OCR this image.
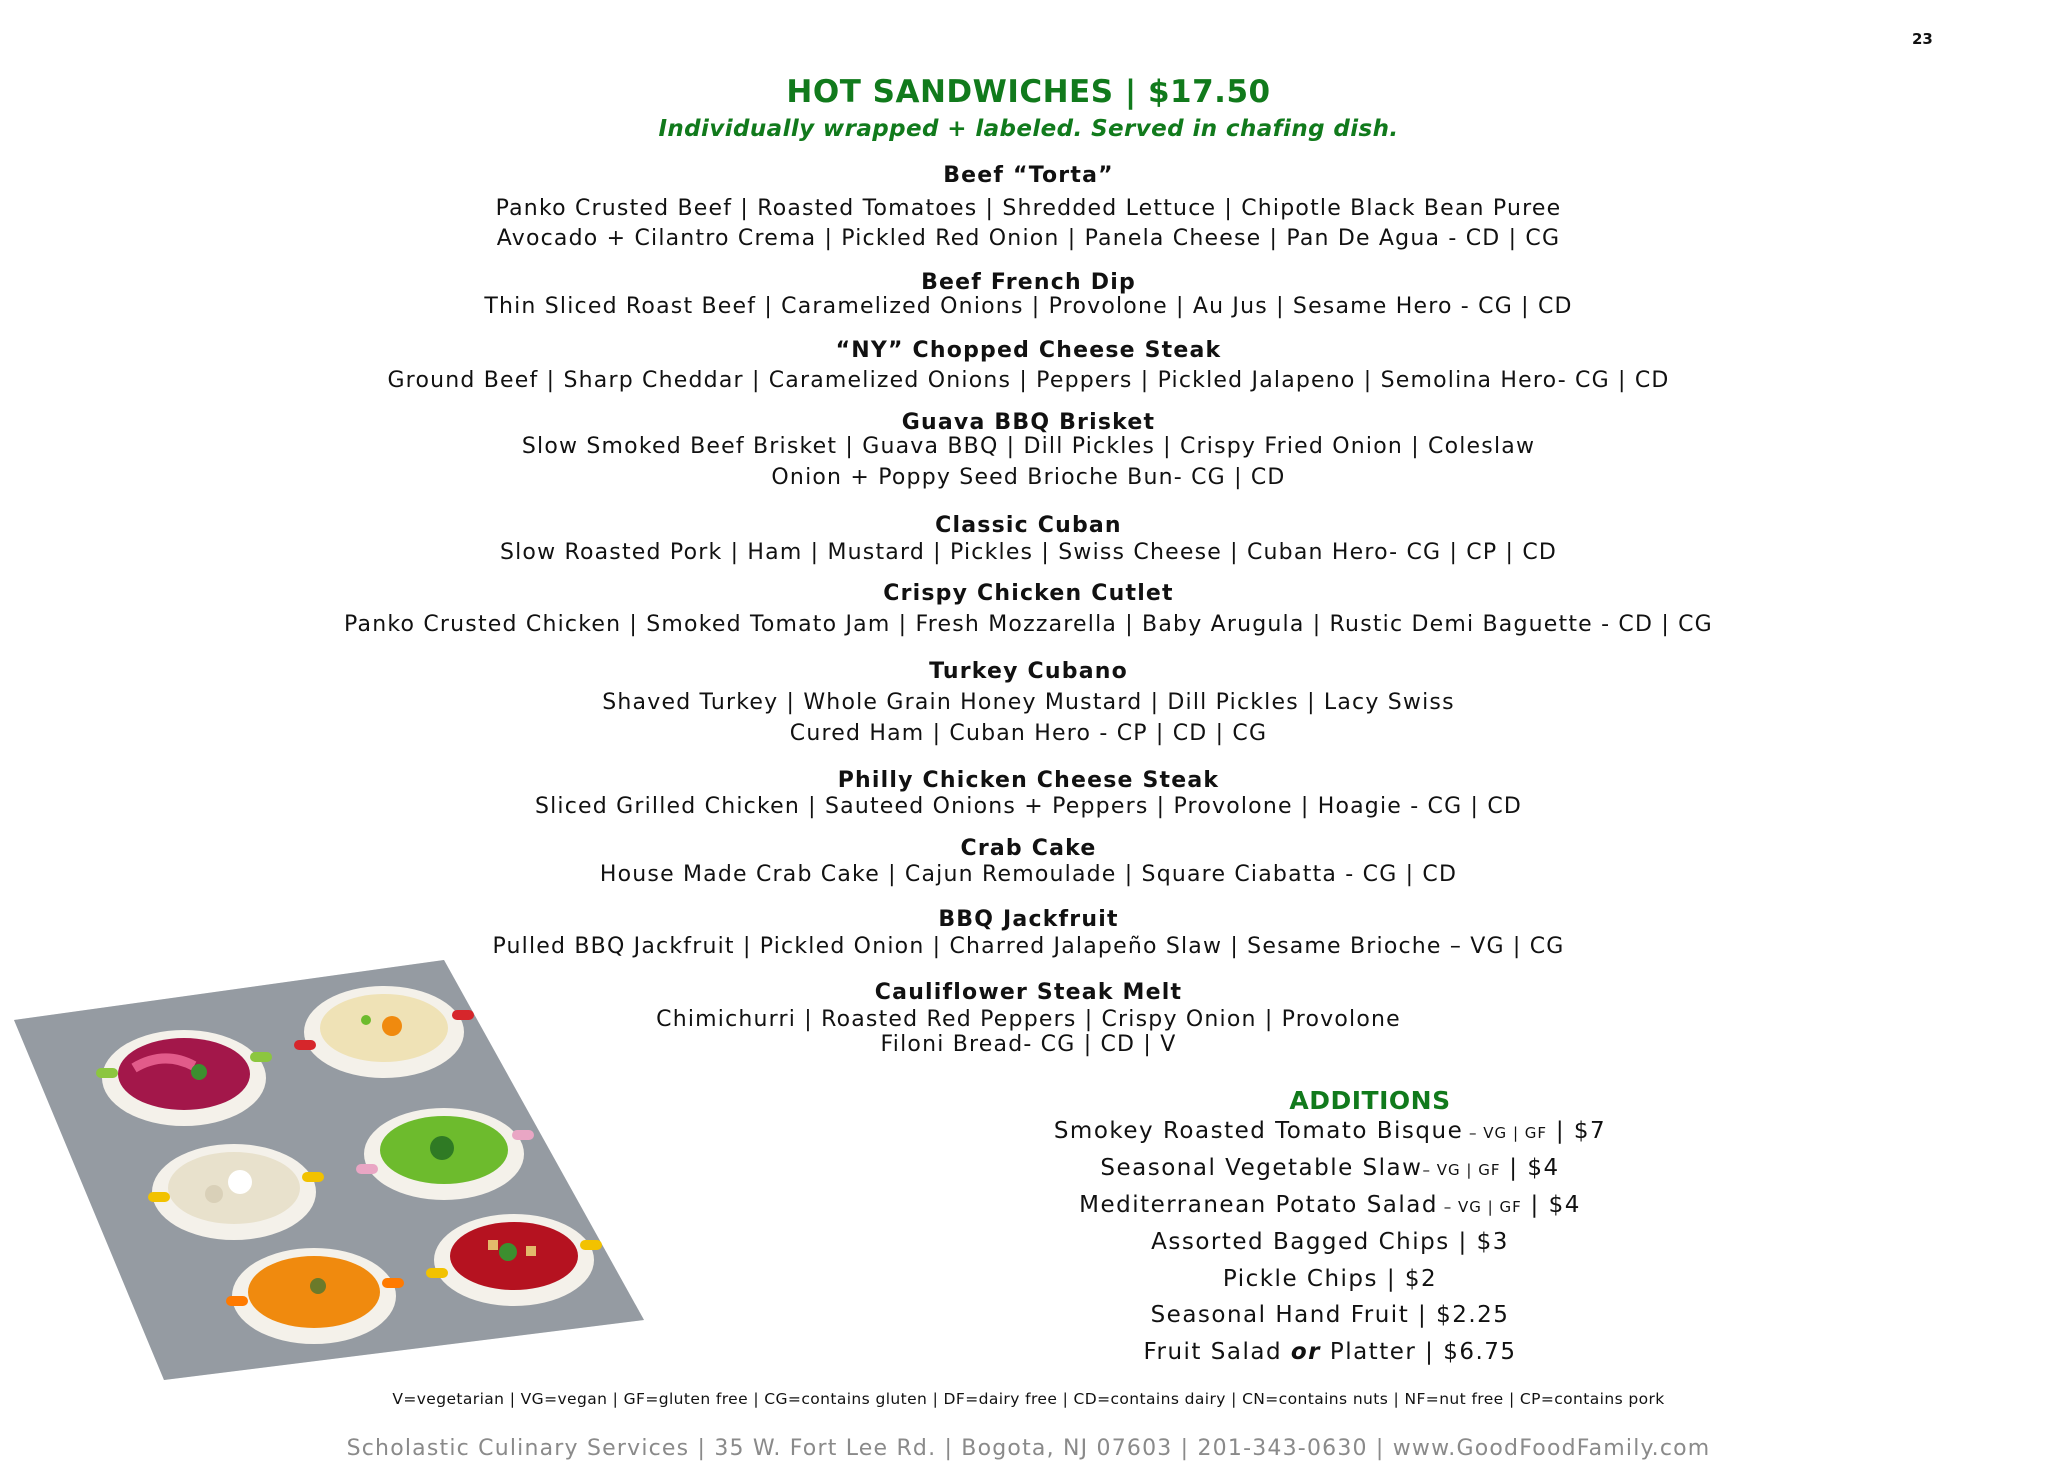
23
HOT SANDWICHES | $17.50
Individually wrapped + labeled. Served in chafing dish.
Beef “Torta”
Panko Crusted Beef | Roasted Tomatoes | Shredded Lettuce | Chipotle Black Bean Puree
Avocado + Cilantro Crema | Pickled Red Onion | Panela Cheese | Pan De Agua - CD | CG
Beef French Dip
Thin Sliced Roast Beef | Caramelized Onions | Provolone | Au Jus | Sesame Hero - CG | CD
“NY” Chopped Cheese Steak
Ground Beef | Sharp Cheddar | Caramelized Onions | Peppers | Pickled Jalapeno | Semolina Hero- CG | CD
Guava BBQ Brisket
Slow Smoked Beef Brisket | Guava BBQ | Dill Pickles | Crispy Fried Onion | Coleslaw
Onion + Poppy Seed Brioche Bun- CG | CD
Classic Cuban
Slow Roasted Pork | Ham | Mustard | Pickles | Swiss Cheese | Cuban Hero- CG | CP | CD
Crispy Chicken Cutlet
Panko Crusted Chicken | Smoked Tomato Jam | Fresh Mozzarella | Baby Arugula | Rustic Demi Baguette - CD | CG
Turkey Cubano
Shaved Turkey | Whole Grain Honey Mustard | Dill Pickles | Lacy Swiss
Cured Ham | Cuban Hero - CP | CD | CG
Philly Chicken Cheese Steak
Sliced Grilled Chicken | Sauteed Onions + Peppers | Provolone | Hoagie - CG | CD
Crab Cake
House Made Crab Cake | Cajun Remoulade | Square Ciabatta - CG | CD
BBQ Jackfruit
Pulled BBQ Jackfruit | Pickled Onion | Charred Jalapeño Slaw | Sesame Brioche – VG | CG
Cauliflower Steak Melt
Chimichurri | Roasted Red Peppers | Crispy Onion | Provolone
Filoni Bread- CG | CD | V
ADDITIONS
Smokey Roasted Tomato Bisque – VG | GF | $7
Seasonal Vegetable Slaw– VG | GF | $4
Mediterranean Potato Salad – VG | GF | $4
Assorted Bagged Chips | $3
Pickle Chips | $2
Seasonal Hand Fruit | $2.25
Fruit Salad or Platter | $6.75
V=vegetarian | VG=vegan | GF=gluten free | CG=contains gluten | DF=dairy free | CD=contains dairy | CN=contains nuts | NF=nut free | CP=contains pork
Scholastic Culinary Services | 35 W. Fort Lee Rd. | Bogota, NJ 07603 | 201-343-0630 | www.GoodFoodFamily.com
